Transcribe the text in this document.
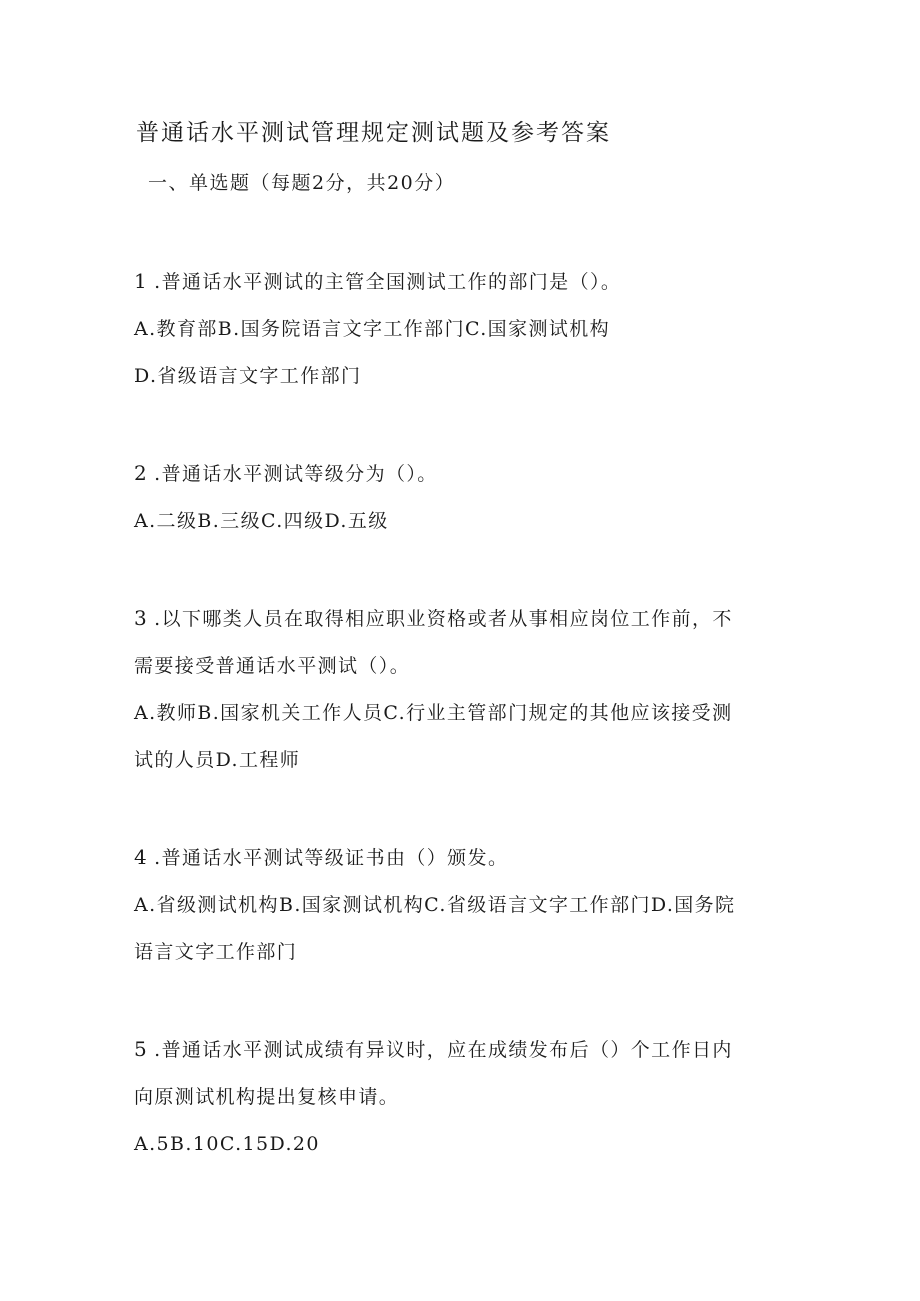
普通话水平测试管理规定测试题及参考答案
一、单选题（每题2分，共20分）
1 .普通话水平测试的主管全国测试工作的部门是（）。
A.教育部B.国务院语言文字工作部门C.国家测试机构
D.省级语言文字工作部门
2 .普通话水平测试等级分为（）。
A.二级B.三级C.四级D.五级
3 .以下哪类人员在取得相应职业资格或者从事相应岗位工作前，不
需要接受普通话水平测试（）。
A.教师B.国家机关工作人员C.行业主管部门规定的其他应该接受测
试的人员D.工程师
4 .普通话水平测试等级证书由（）颁发。
A.省级测试机构B.国家测试机构C.省级语言文字工作部门D.国务院
语言文字工作部门
5 .普通话水平测试成绩有异议时，应在成绩发布后（）个工作日内
向原测试机构提出复核申请。
A.5B.10C.15D.20
